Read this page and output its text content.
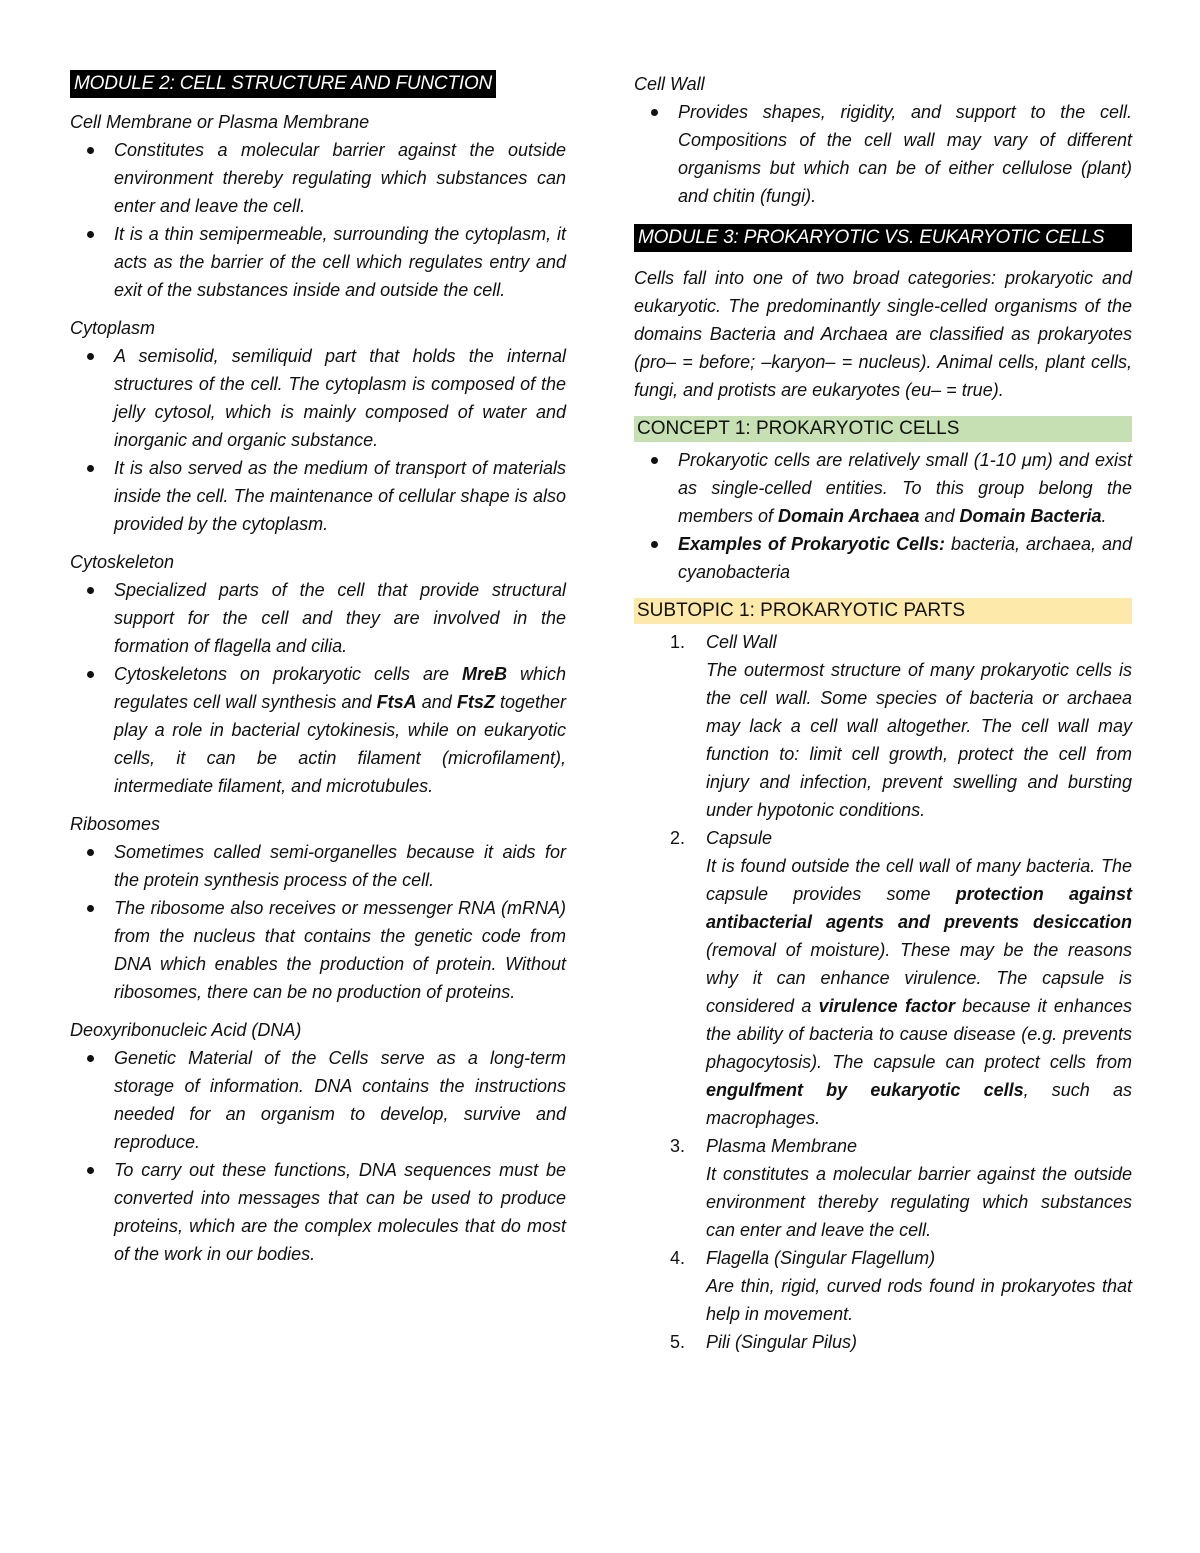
MODULE 2: CELL STRUCTURE AND FUNCTION
Cell Membrane or Plasma Membrane
Constitutes a molecular barrier against the outside environment thereby regulating which substances can enter and leave the cell.
It is a thin semipermeable, surrounding the cytoplasm, it acts as the barrier of the cell which regulates entry and exit of the substances inside and outside the cell.
Cytoplasm
A semisolid, semiliquid part that holds the internal structures of the cell. The cytoplasm is composed of the jelly cytosol, which is mainly composed of water and inorganic and organic substance.
It is also served as the medium of transport of materials inside the cell. The maintenance of cellular shape is also provided by the cytoplasm.
Cytoskeleton
Specialized parts of the cell that provide structural support for the cell and they are involved in the formation of flagella and cilia.
Cytoskeletons on prokaryotic cells are MreB which regulates cell wall synthesis and FtsA and FtsZ together play a role in bacterial cytokinesis, while on eukaryotic cells, it can be actin filament (microfilament), intermediate filament, and microtubules.
Ribosomes
Sometimes called semi-organelles because it aids for the protein synthesis process of the cell.
The ribosome also receives or messenger RNA (mRNA) from the nucleus that contains the genetic code from DNA which enables the production of protein. Without ribosomes, there can be no production of proteins.
Deoxyribonucleic Acid (DNA)
Genetic Material of the Cells serve as a long-term storage of information. DNA contains the instructions needed for an organism to develop, survive and reproduce.
To carry out these functions, DNA sequences must be converted into messages that can be used to produce proteins, which are the complex molecules that do most of the work in our bodies.
Cell Wall
Provides shapes, rigidity, and support to the cell. Compositions of the cell wall may vary of different organisms but which can be of either cellulose (plant) and chitin (fungi).
MODULE 3: PROKARYOTIC VS. EUKARYOTIC CELLS

Cells fall into one of two broad categories: prokaryotic and eukaryotic. The predominantly single-celled organisms of the domains Bacteria and Archaea are classified as prokaryotes (pro– = before; –karyon– = nucleus). Animal cells, plant cells, fungi, and protists are eukaryotes (eu– = true).

CONCEPT 1: PROKARYOTIC CELLS
Prokaryotic cells are relatively small (1-10 μm) and exist as single-celled entities. To this group belong the members of Domain Archaea and Domain Bacteria.
Examples of Prokaryotic Cells: bacteria, archaea, and cyanobacteria
SUBTOPIC 1: PROKARYOTIC PARTS
1. Cell Wall
The outermost structure of many prokaryotic cells is the cell wall. Some species of bacteria or archaea may lack a cell wall altogether. The cell wall may function to: limit cell growth, protect the cell from injury and infection, prevent swelling and bursting under hypotonic conditions.
2. Capsule
It is found outside the cell wall of many bacteria. The capsule provides some protection against antibacterial agents and prevents desiccation (removal of moisture). These may be the reasons why it can enhance virulence. The capsule is considered a virulence factor because it enhances the ability of bacteria to cause disease (e.g. prevents phagocytosis). The capsule can protect cells from engulfment by eukaryotic cells, such as macrophages.
3. Plasma Membrane
It constitutes a molecular barrier against the outside environment thereby regulating which substances can enter and leave the cell.
4. Flagella (Singular Flagellum)
Are thin, rigid, curved rods found in prokaryotes that help in movement.
5. Pili (Singular Pilus)
